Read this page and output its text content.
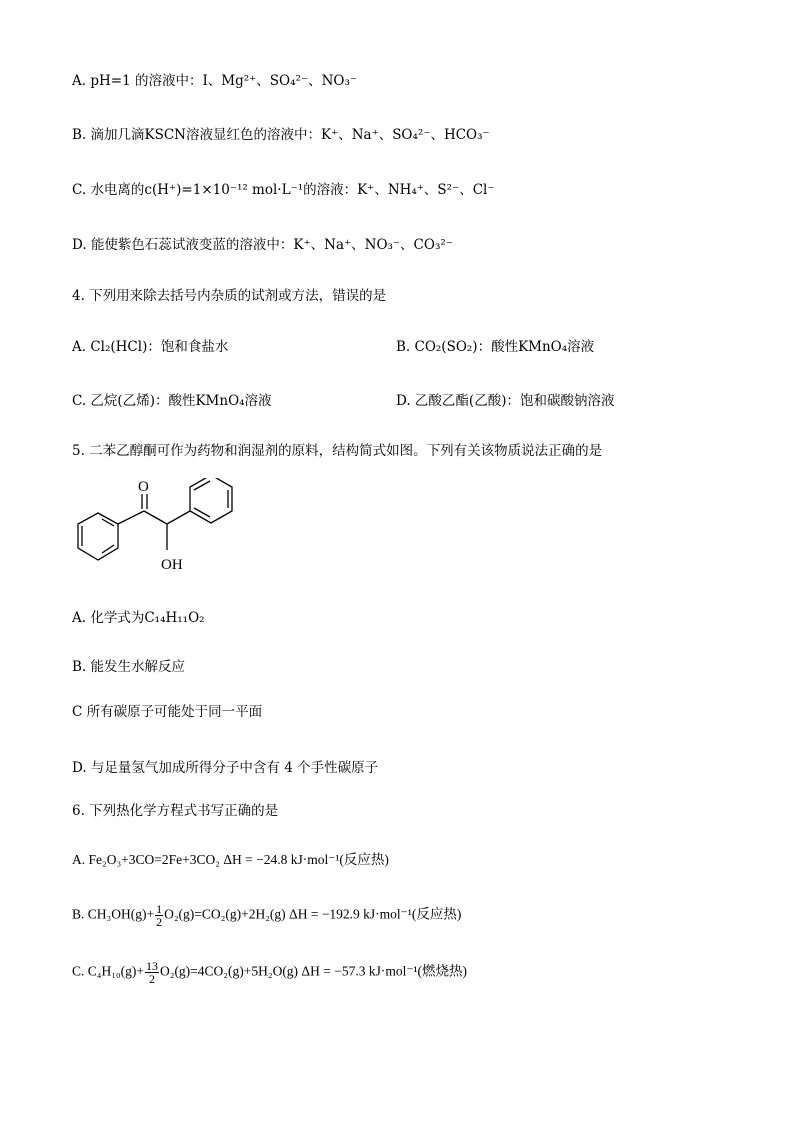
A. pH=1 的溶液中：I、Mg²⁺、SO₄²⁻、NO₃⁻
B. 滴加几滴KSCN溶液显红色的溶液中：K⁺、Na⁺、SO₄²⁻、HCO₃⁻
C. 水电离的c(H⁺)=1×10⁻¹² mol·L⁻¹的溶液：K⁺、NH₄⁺、S²⁻、Cl⁻
D. 能使紫色石蕊试液变蓝的溶液中：K⁺、Na⁺、NO₃⁻、CO₃²⁻
4. 下列用来除去括号内杂质的试剂或方法，错误的是
A. Cl₂(HCl)：饱和食盐水	B. CO₂(SO₂)：酸性KMnO₄溶液
C. 乙烷(乙烯)：酸性KMnO₄溶液	D. 乙酸乙酯(乙酸)：饱和碳酸钠溶液
5. 二苯乙醇酮可作为药物和润湿剂的原料，结构简式如图。下列有关该物质说法正确的是
O
OH
A. 化学式为C₁₄H₁₁O₂
B. 能发生水解反应
C 所有碳原子可能处于同一平面
D. 与足量氢气加成所得分子中含有 4 个手性碳原子
6. 下列热化学方程式书写正确的是
A. Fe₂O₃+3CO=2Fe+3CO₂ ΔH = −24.8 kJ·mol⁻¹(反应热)
B. $CH_3OH(g)+ \frac{1}{2} O_2(g)=CO_2(g)+2H_2(g) \Delta H = -192.9$ kJ·mol⁻¹(反应热)
C. $C_4H_{10}(g)+ \frac{13}{2} O_2(g)=4CO_2(g)+5H_2O(g) \Delta H = -57.3$ kJ·mol⁻¹(燃烧热)
